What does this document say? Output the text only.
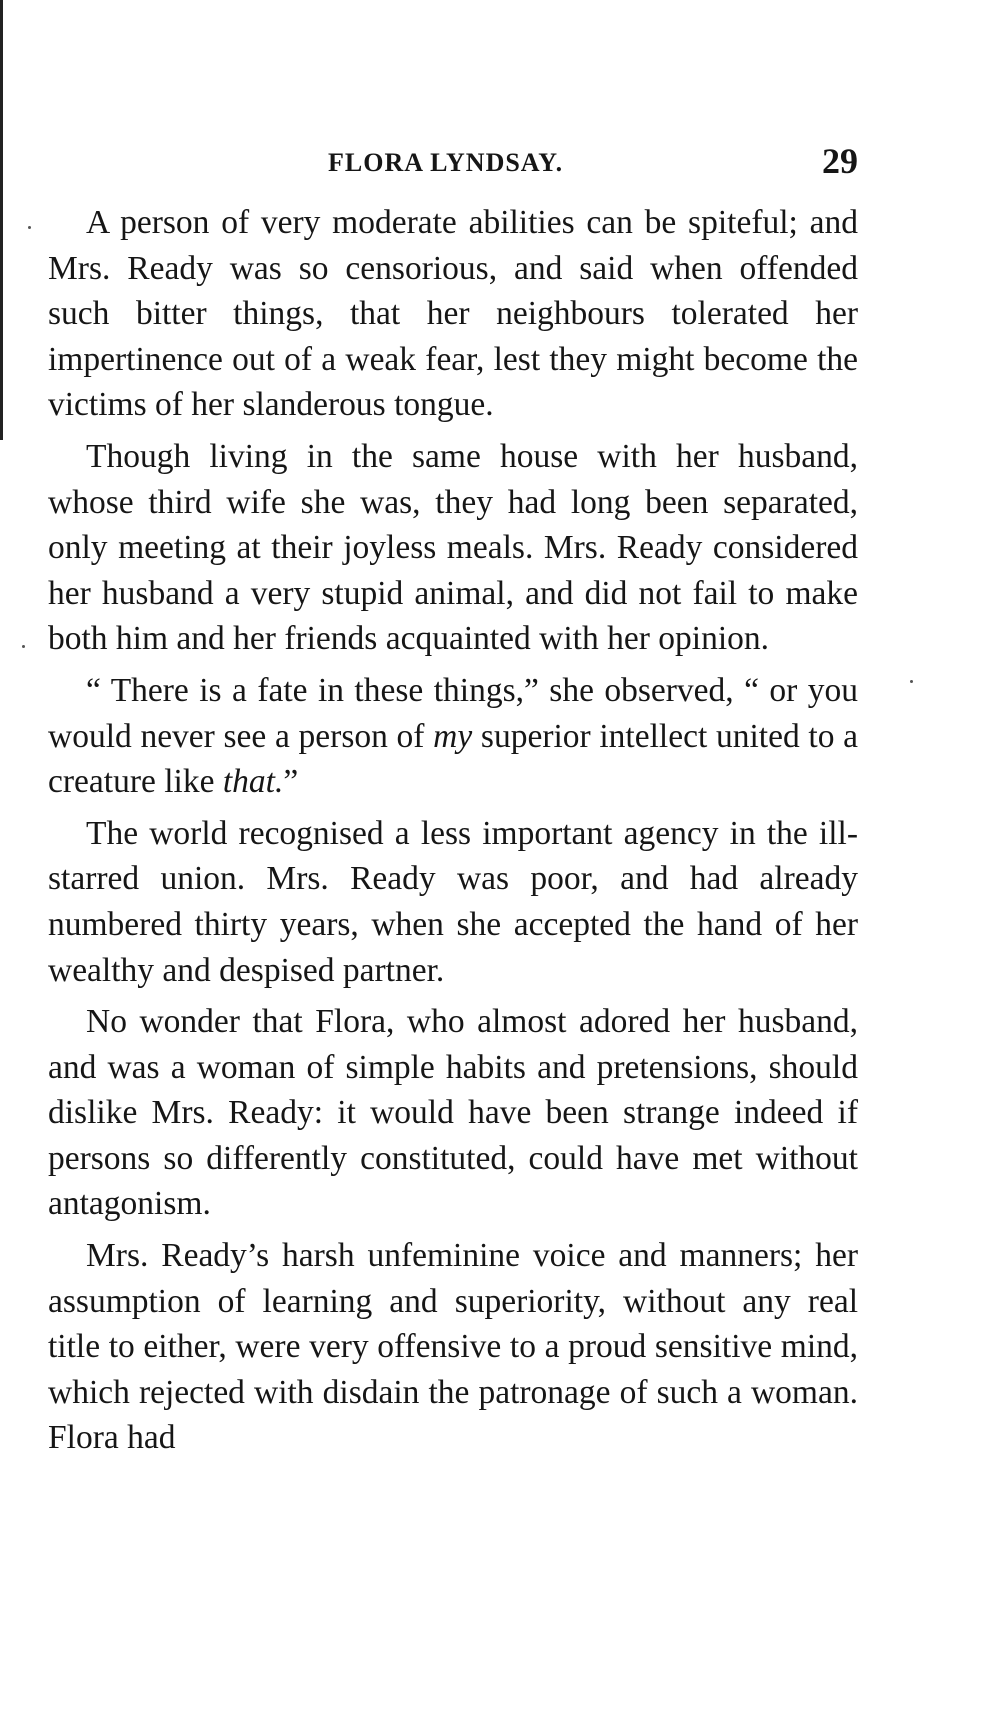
FLORA LYNDSAY.	29

A person of very moderate abilities can be spiteful; and Mrs. Ready was so censorious, and said when offended such bitter things, that her neighbours tolerated her impertinence out of a weak fear, lest they might become the victims of her slanderous tongue.

Though living in the same house with her husband, whose third wife she was, they had long been separated, only meeting at their joyless meals. Mrs. Ready considered her husband a very stupid animal, and did not fail to make both him and her friends acquainted with her opinion.

“ There is a fate in these things,” she observed, “ or you would never see a person of my superior intellect united to a creature like that.”

The world recognised a less important agency in the ill-starred union. Mrs. Ready was poor, and had already numbered thirty years, when she accepted the hand of her wealthy and despised partner.

No wonder that Flora, who almost adored her husband, and was a woman of simple habits and pretensions, should dislike Mrs. Ready: it would have been strange indeed if persons so differently constituted, could have met without antagonism.

Mrs. Ready’s harsh unfeminine voice and manners; her assumption of learning and superiority, without any real title to either, were very offensive to a proud sensitive mind, which rejected with disdain the patronage of such a woman. Flora had
